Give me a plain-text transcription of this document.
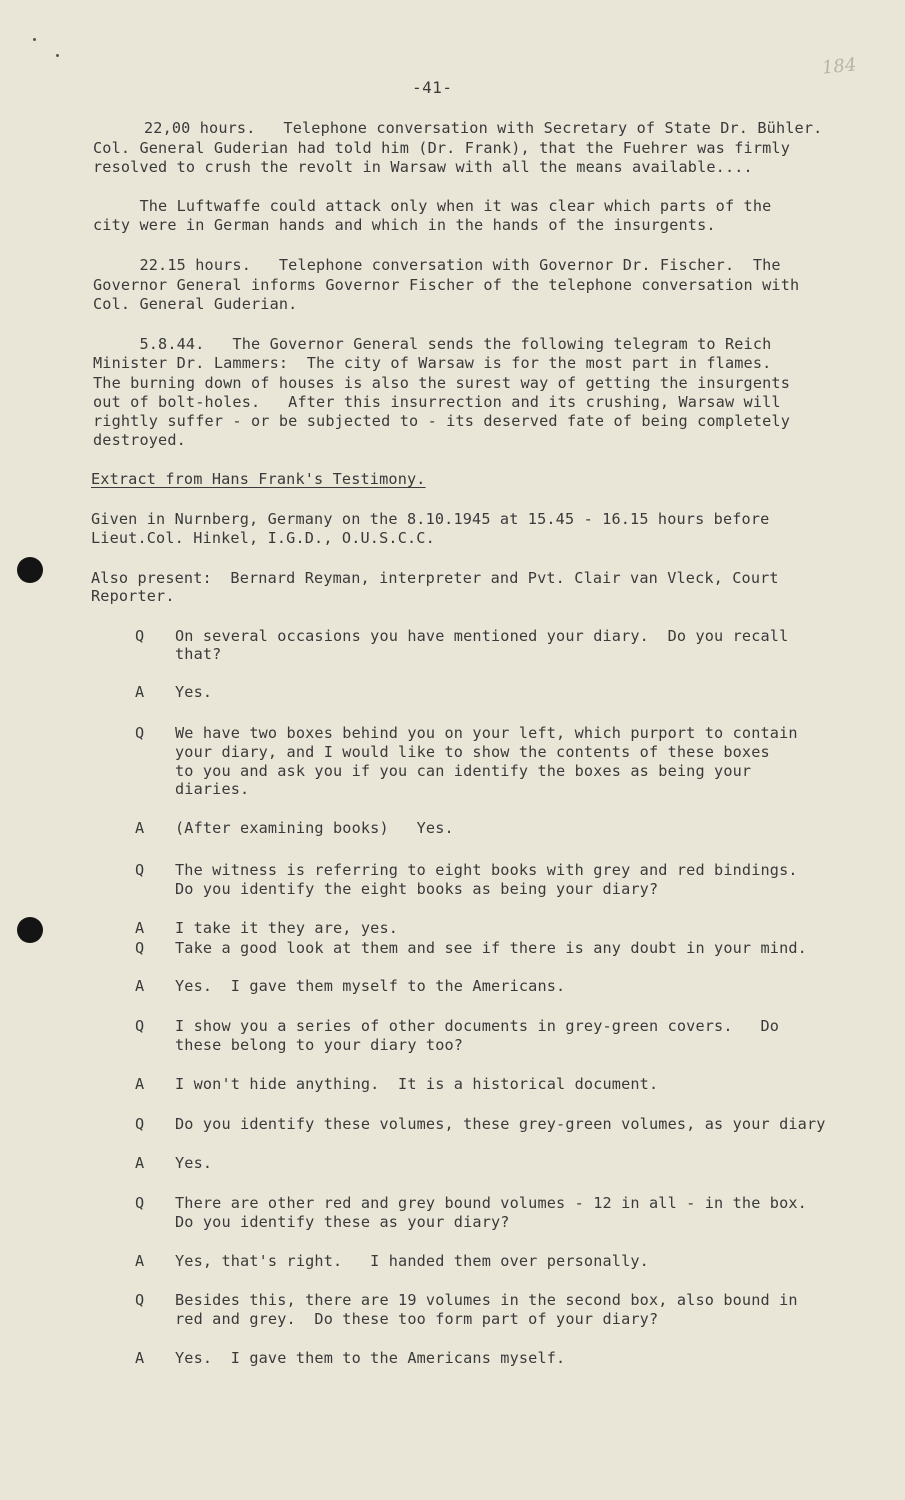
-41-
184
22,00 hours.   Telephone conversation with Secretary of State Dr. Bühler.
Col. General Guderian had told him (Dr. Frank), that the Fuehrer was firmly
resolved to crush the revolt in Warsaw with all the means available....
The Luftwaffe could attack only when it was clear which parts of the
city were in German hands and which in the hands of the insurgents.
22.15 hours.   Telephone conversation with Governor Dr. Fischer.  The
Governor General informs Governor Fischer of the telephone conversation with
Col. General Guderian.
5.8.44.   The Governor General sends the following telegram to Reich
Minister Dr. Lammers:  The city of Warsaw is for the most part in flames.
The burning down of houses is also the surest way of getting the insurgents
out of bolt-holes.   After this insurrection and its crushing, Warsaw will
rightly suffer - or be subjected to - its deserved fate of being completely
destroyed.
Extract from Hans Frank's Testimony.
Given in Nurnberg, Germany on the 8.10.1945 at 15.45 - 16.15 hours before
Lieut.Col. Hinkel, I.G.D., O.U.S.C.C.
Also present:  Bernard Reyman, interpreter and Pvt. Clair van Vleck, Court
Reporter.
Q On several occasions you have mentioned your diary.  Do you recall
that?
A Yes.
Q We have two boxes behind you on your left, which purport to contain
your diary, and I would like to show the contents of these boxes
to you and ask you if you can identify the boxes as being your
diaries.
A (After examining books)   Yes.
Q The witness is referring to eight books with grey and red bindings.
Do you identify the eight books as being your diary?
A I take it they are, yes.
Q Take a good look at them and see if there is any doubt in your mind.
A Yes.  I gave them myself to the Americans.
Q I show you a series of other documents in grey-green covers.   Do
these belong to your diary too?
A I won't hide anything.  It is a historical document.
Q Do you identify these volumes, these grey-green volumes, as your diary
A Yes.
Q There are other red and grey bound volumes - 12 in all - in the box.
Do you identify these as your diary?
A Yes, that's right.   I handed them over personally.
Q Besides this, there are 19 volumes in the second box, also bound in
red and grey.  Do these too form part of your diary?
A Yes.  I gave them to the Americans myself.
